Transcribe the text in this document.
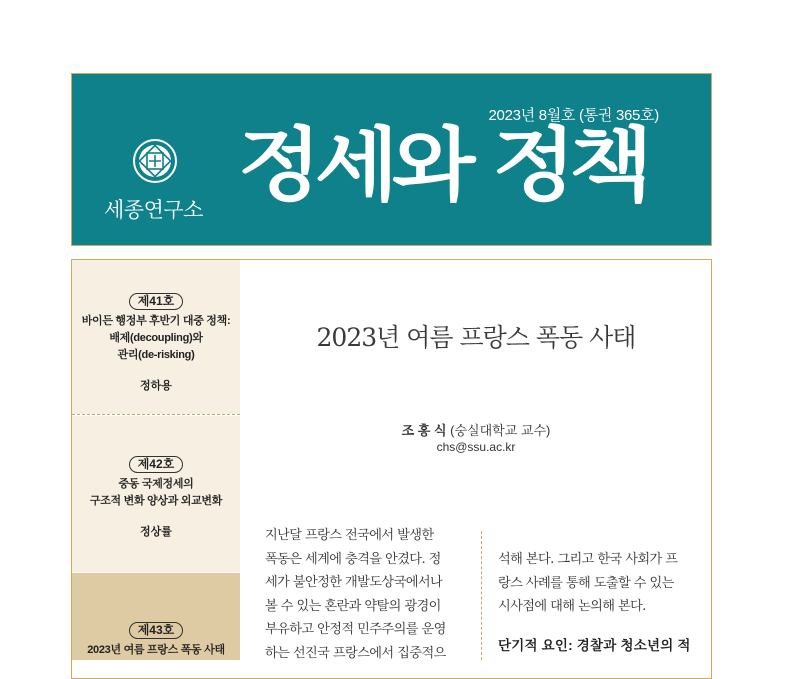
2023년 8월호 (통권 365호)
세종연구소 정세와 정책
제41호
바이든 행정부 후반기 대중 정책:
배제(decoupling)와
관리(de-risking)
정하용
제42호
중동 국제정세의
구조적 변화 양상과 외교변화
정상률
제43호
2023년 여름 프랑스 폭동 사태
2023년 여름 프랑스 폭동 사태
조 홍 식 (숭실대학교 교수)
chs@ssu.ac.kr
지난달 프랑스 전국에서 발생한
폭동은 세계에 충격을 안겼다. 정
세가 불안정한 개발도상국에서나
볼 수 있는 혼란과 약탈의 광경이
부유하고 안정적 민주주의를 운영
하는 선진국 프랑스에서 집중적으
석해 본다. 그리고 한국 사회가 프
랑스 사례를 통해 도출할 수 있는
시사점에 대해 논의해 본다.
단기적 요인: 경찰과 청소년의 적
